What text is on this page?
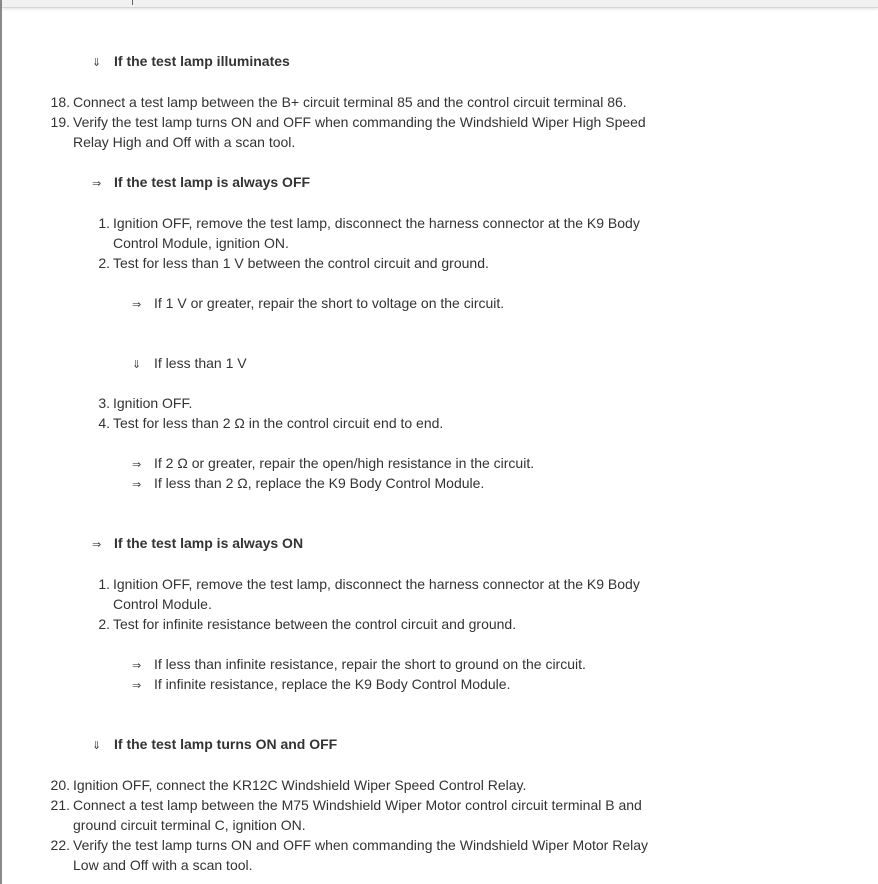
⇓ If the test lamp illuminates
18. Connect a test lamp between the B+ circuit terminal 85 and the control circuit terminal 86.
19. Verify the test lamp turns ON and OFF when commanding the Windshield Wiper High Speed
Relay High and Off with a scan tool.
⇒ If the test lamp is always OFF
1. Ignition OFF, remove the test lamp, disconnect the harness connector at the K9 Body
Control Module, ignition ON.
2. Test for less than 1 V between the control circuit and ground.
⇒ If 1 V or greater, repair the short to voltage on the circuit.
⇓ If less than 1 V
3. Ignition OFF.
4. Test for less than 2 Ω in the control circuit end to end.
⇒ If 2 Ω or greater, repair the open/high resistance in the circuit.
⇒ If less than 2 Ω, replace the K9 Body Control Module.
⇒ If the test lamp is always ON
1. Ignition OFF, remove the test lamp, disconnect the harness connector at the K9 Body
Control Module.
2. Test for infinite resistance between the control circuit and ground.
⇒ If less than infinite resistance, repair the short to ground on the circuit.
⇒ If infinite resistance, replace the K9 Body Control Module.
⇓ If the test lamp turns ON and OFF
20. Ignition OFF, connect the KR12C Windshield Wiper Speed Control Relay.
21. Connect a test lamp between the M75 Windshield Wiper Motor control circuit terminal B and
ground circuit terminal C, ignition ON.
22. Verify the test lamp turns ON and OFF when commanding the Windshield Wiper Motor Relay
Low and Off with a scan tool.
